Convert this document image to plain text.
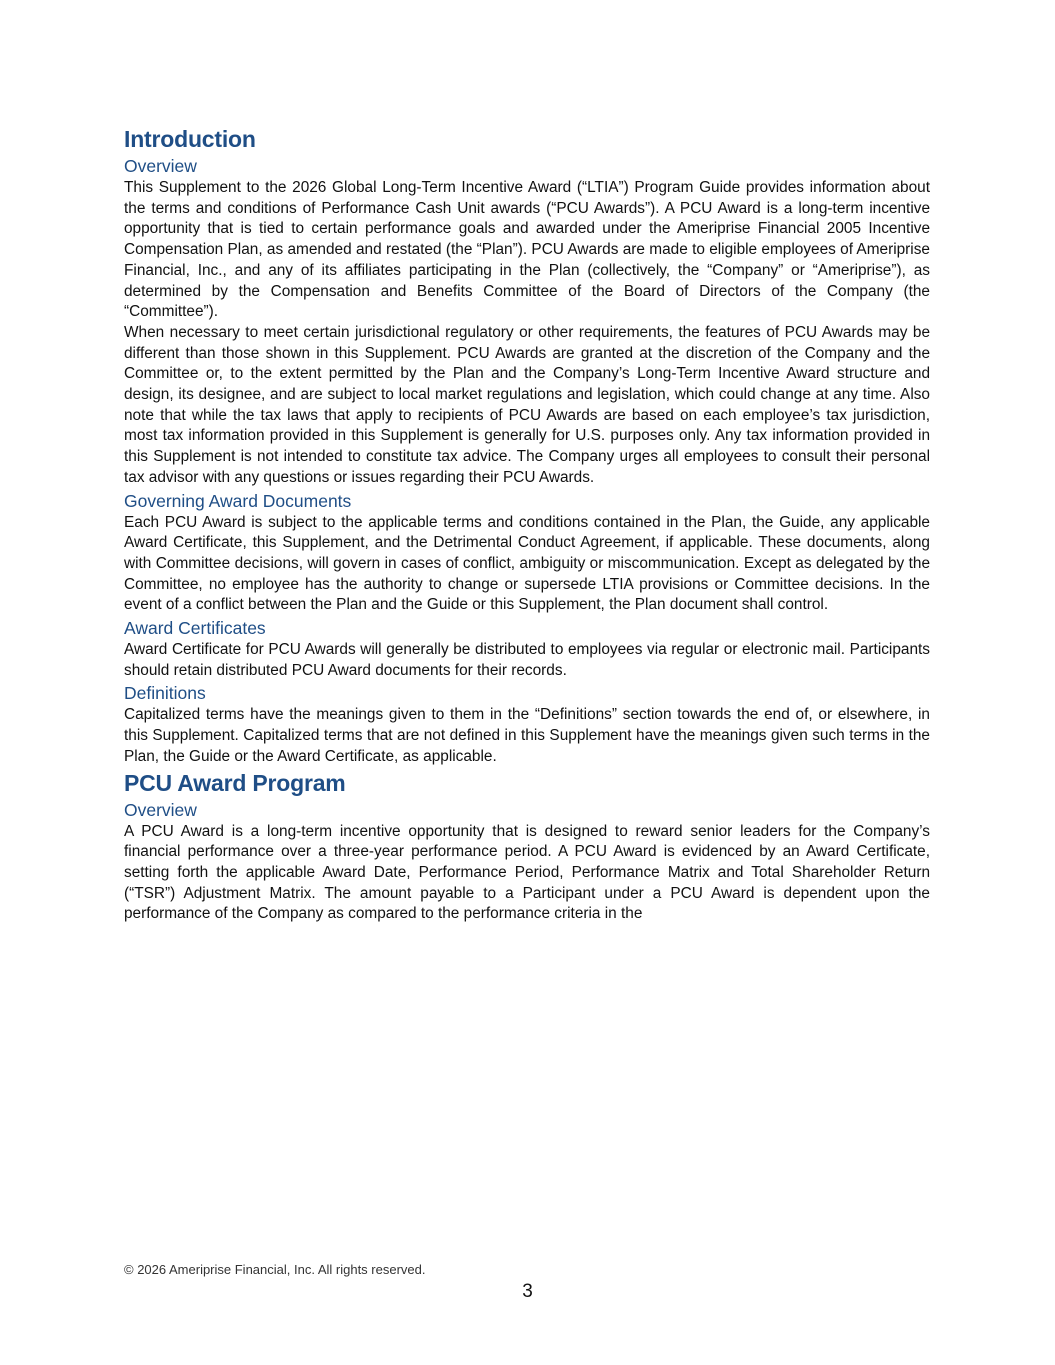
Introduction
Overview

This Supplement to the 2026 Global Long-Term Incentive Award (“LTIA”) Program Guide provides information about the terms and conditions of Performance Cash Unit awards (“PCU Awards”). A PCU Award is a long-term incentive opportunity that is tied to certain performance goals and awarded under the Ameriprise Financial 2005 Incentive Compensation Plan, as amended and restated (the “Plan”). PCU Awards are made to eligible employees of Ameriprise Financial, Inc., and any of its affiliates participating in the Plan (collectively, the “Company” or “Ameriprise”), as determined by the Compensation and Benefits Committee of the Board of Directors of the Company (the “Committee”).

When necessary to meet certain jurisdictional regulatory or other requirements, the features of PCU Awards may be different than those shown in this Supplement. PCU Awards are granted at the discretion of the Company and the Committee or, to the extent permitted by the Plan and the Company’s Long-Term Incentive Award structure and design, its designee, and are subject to local market regulations and legislation, which could change at any time. Also note that while the tax laws that apply to recipients of PCU Awards are based on each employee’s tax jurisdiction, most tax information provided in this Supplement is generally for U.S. purposes only. Any tax information provided in this Supplement is not intended to constitute tax advice. The Company urges all employees to consult their personal tax advisor with any questions or issues regarding their PCU Awards.

Governing Award Documents

Each PCU Award is subject to the applicable terms and conditions contained in the Plan, the Guide, any applicable Award Certificate, this Supplement, and the Detrimental Conduct Agreement, if applicable. These documents, along with Committee decisions, will govern in cases of conflict, ambiguity or miscommunication. Except as delegated by the Committee, no employee has the authority to change or supersede LTIA provisions or Committee decisions. In the event of a conflict between the Plan and the Guide or this Supplement, the Plan document shall control.

Award Certificates

Award Certificate for PCU Awards will generally be distributed to employees via regular or electronic mail. Participants should retain distributed PCU Award documents for their records.

Definitions

Capitalized terms have the meanings given to them in the “Definitions” section towards the end of, or elsewhere, in this Supplement. Capitalized terms that are not defined in this Supplement have the meanings given such terms in the Plan, the Guide or the Award Certificate, as applicable.

PCU Award Program
Overview

A PCU Award is a long-term incentive opportunity that is designed to reward senior leaders for the Company’s financial performance over a three-year performance period. A PCU Award is evidenced by an Award Certificate, setting forth the applicable Award Date, Performance Period, Performance Matrix and Total Shareholder Return (“TSR”) Adjustment Matrix. The amount payable to a Participant under a PCU Award is dependent upon the performance of the Company as compared to the performance criteria in the

© 2026 Ameriprise Financial, Inc. All rights reserved.
3
